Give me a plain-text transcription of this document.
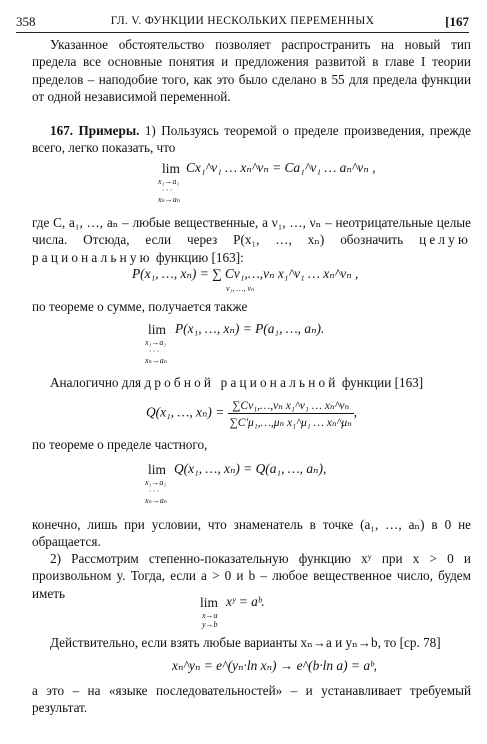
358	ГЛ. V. ФУНКЦИИ НЕСКОЛЬКИХ ПЕРЕМЕННЫХ	[167

Указанное обстоятельство позволяет распространить на новый тип предела все основные понятия и предложения развитой в главе I теории пределов – наподобие того, как это было сделано в 55 для предела функции от одной независимой переменной.

167. Примеры. 1) Пользуясь теоремой о пределе произведения, прежде всего, легко показать, что

lim Cx₁^ν₁ … xₙ^νₙ = Ca₁^ν₁ … aₙ^νₙ ,
x₁→a₁
· · ·
xₙ→aₙ

где C, a₁, …, aₙ – любые вещественные, а ν₁, …, νₙ – неотрицательные целые числа. Отсюда, если через P(x₁, …, xₙ) обозначить целую рациональную функцию [163]:

P(x₁, …, xₙ) = ∑ Cν₁,…,νₙ x₁^ν₁ … xₙ^νₙ ,
ν₁, …, νₙ

по теореме о сумме, получается также

lim P(x₁, …, xₙ) = P(a₁, …, aₙ).
x₁→a₁
· · ·
xₙ→aₙ

Аналогично для дробной рациональной функции [163]

Q(x₁, …, $x_n) = \frac{\text{∑Cν₁,…,νₙ x₁\textasciicircum{}ν₁ … xₙ\textasciicircum{}νₙ}}{\text{∑C′μ₁,…,μₙ x₁\textasciicircum{}μ₁ … xₙ\textasciicircum{}μₙ}}$ ,

по теореме о пределе частного,

lim Q(x₁, …, xₙ) = Q(a₁, …, aₙ),
x₁→a₁
· · ·
xₙ→aₙ

конечно, лишь при условии, что знаменатель в точке (a₁, …, aₙ) в 0 не обращается.

2) Рассмотрим степенно-показательную функцию xʸ при x > 0 и произвольном y. Тогда, если a > 0 и b – любое вещественное число, будем иметь

lim xʸ = aᵇ.
x→a
y→b

Действительно, если взять любые варианты xₙ→a и yₙ→b, то [ср. 78]

xₙ^yₙ = e^(yₙ·ln xₙ) → e^(b·ln a) = aᵇ,

а это – на «языке последовательностей» – и устанавливает требуемый результат.
